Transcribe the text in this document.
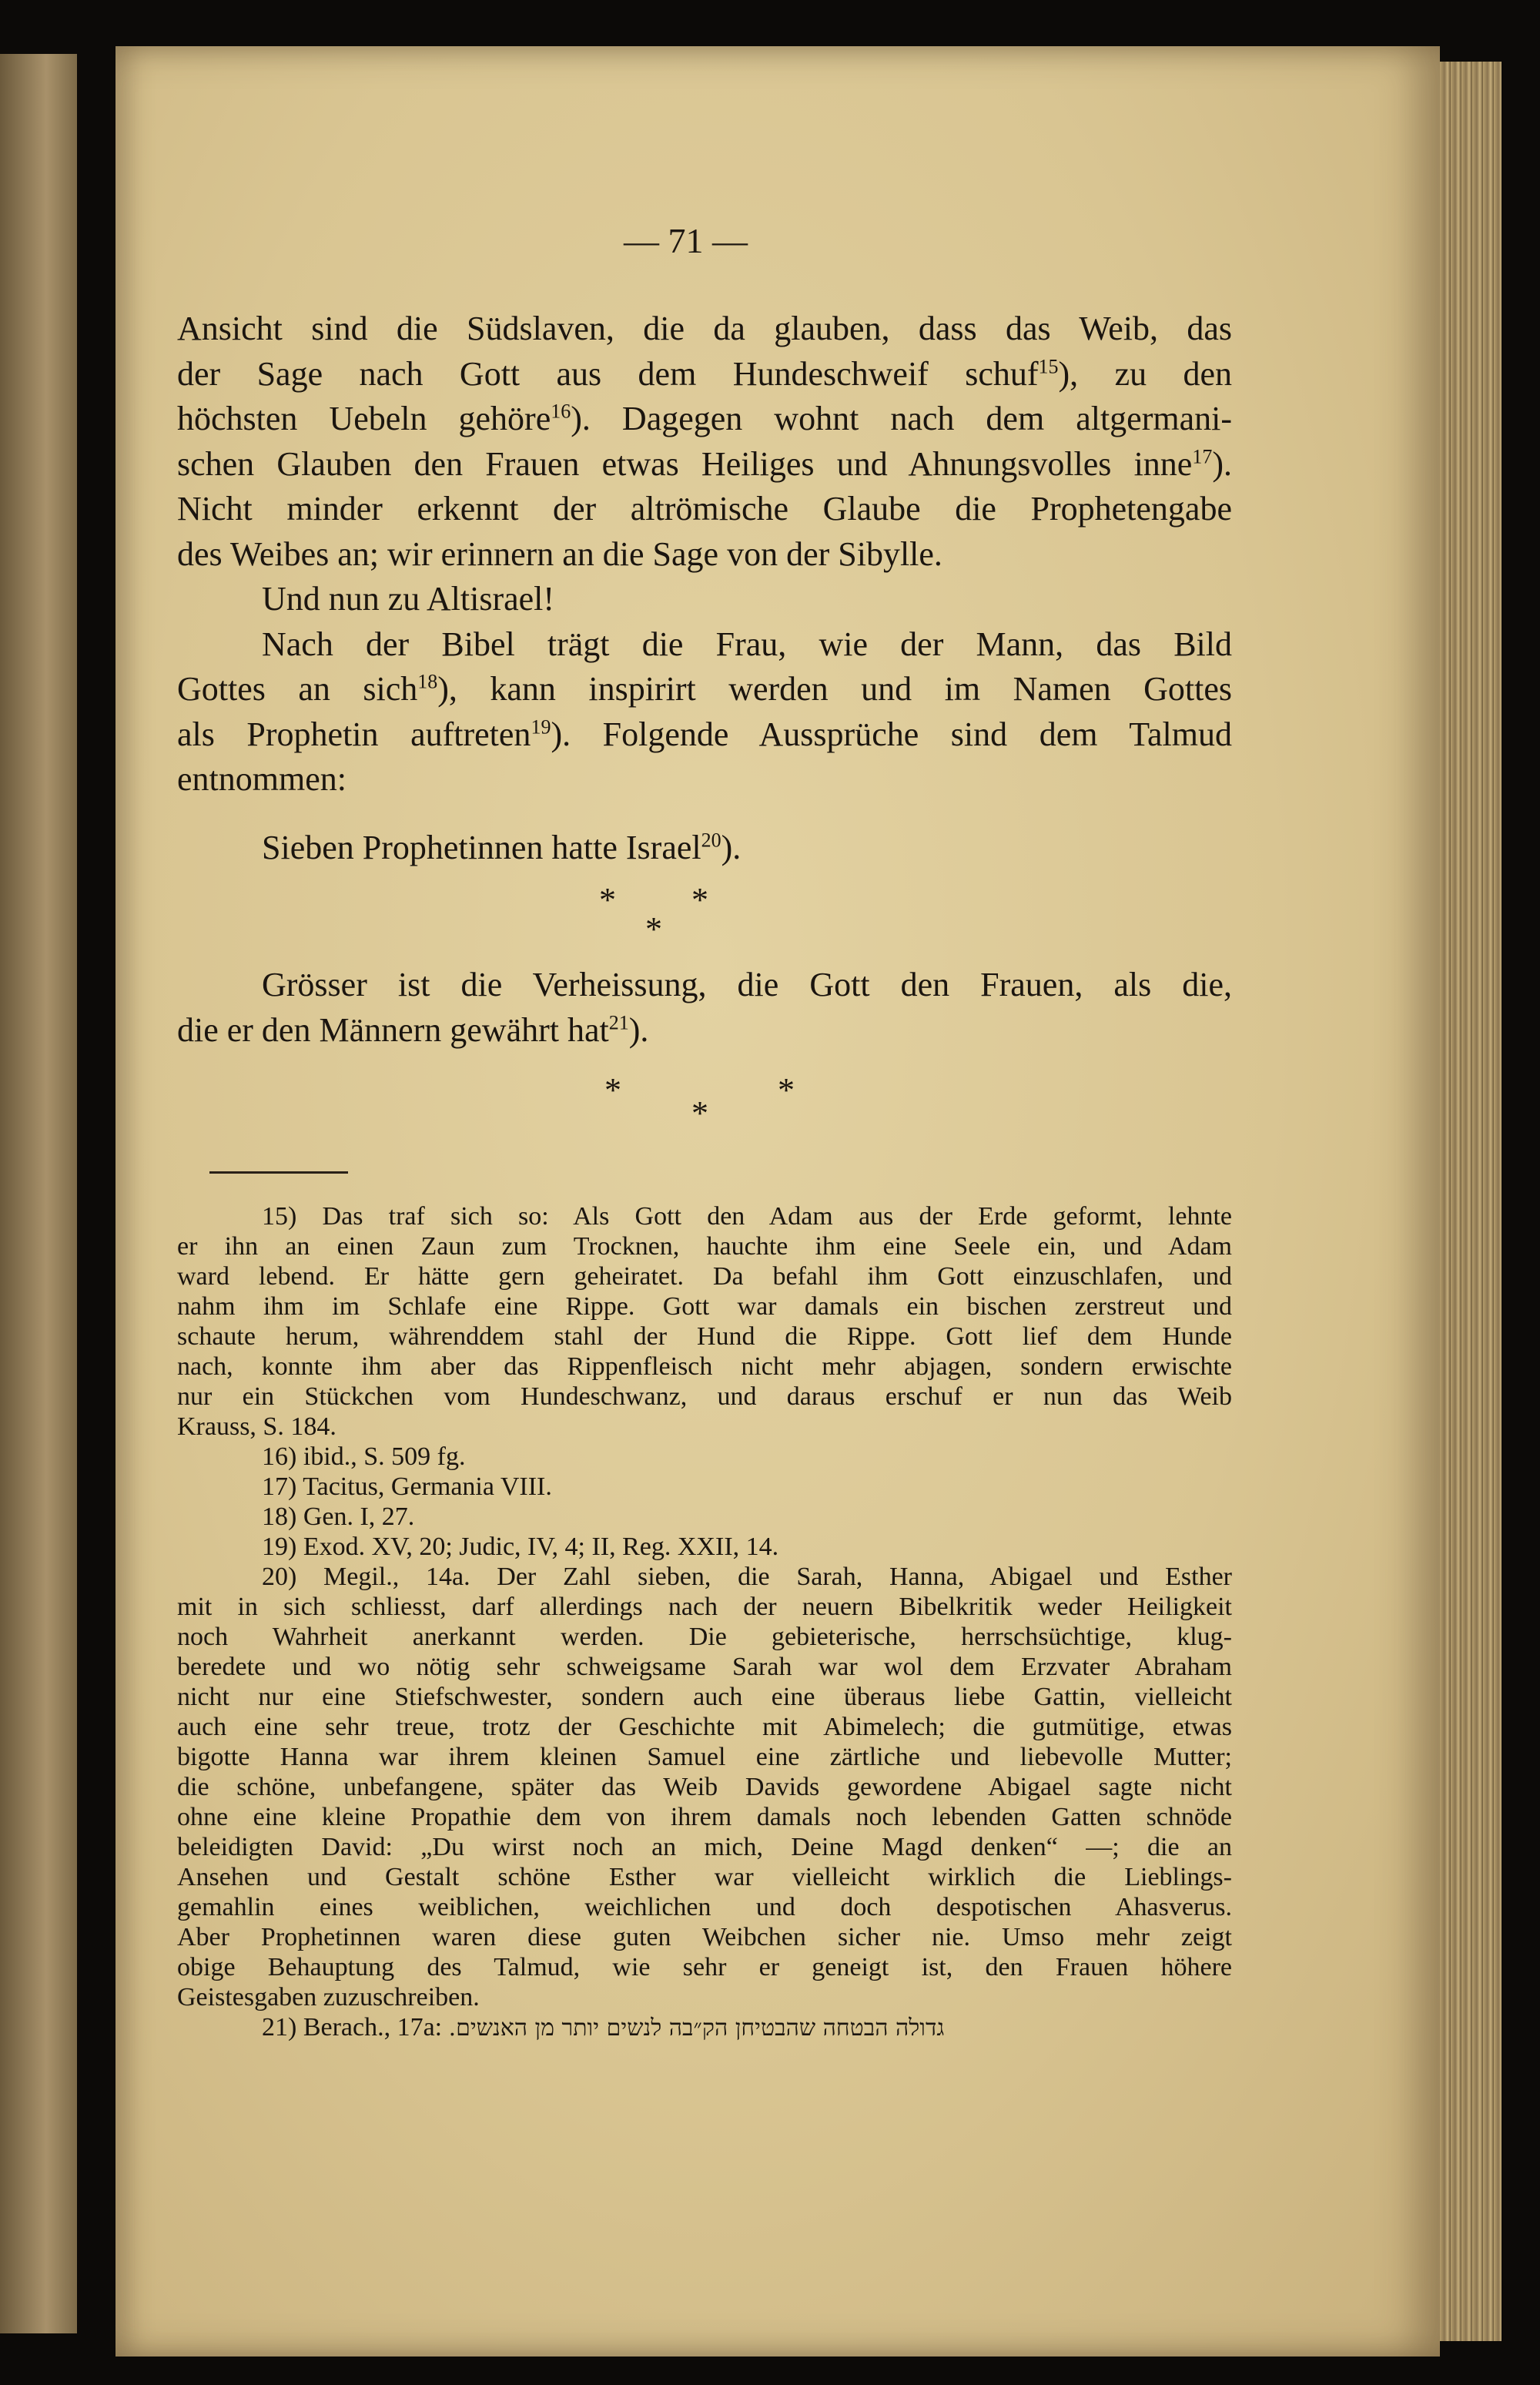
— 71 —
Ansicht sind die Südslaven, die da glauben, dass das Weib, das
der Sage nach Gott aus dem Hundeschweif schuf$^{15}$), zu den
höchsten Uebeln gehöre$^{16}$). Dagegen wohnt nach dem altgermani-
schen Glauben den Frauen etwas Heiliges und Ahnungsvolles inne$^{17}$).
Nicht minder erkennt der altrömische Glaube die Prophetengabe
des Weibes an; wir erinnern an die Sage von der Sibylle.
Und nun zu Altisrael!
Nach der Bibel trägt die Frau, wie der Mann, das Bild
Gottes an sich$^{18}$), kann inspirirt werden und im Namen Gottes
als Prophetin auftreten$^{19}$). Folgende Aussprüche sind dem Talmud
entnommen:
Sieben Prophetinnen hatte Israel$^{20}$).
* *
*
Grösser ist die Verheissung, die Gott den Frauen, als die,
die er den Männern gewährt hat$^{21}$).
*	*
*
15) Das traf sich so: Als Gott den Adam aus der Erde geformt, lehnte
er ihn an einen Zaun zum Trocknen, hauchte ihm eine Seele ein, und Adam
ward lebend. Er hätte gern geheiratet. Da befahl ihm Gott einzuschlafen, und
nahm ihm im Schlafe eine Rippe. Gott war damals ein bischen zerstreut und
schaute herum, währenddem stahl der Hund die Rippe. Gott lief dem Hunde
nach, konnte ihm aber das Rippenfleisch nicht mehr abjagen, sondern erwischte
nur ein Stückchen vom Hundeschwanz, und daraus erschuf er nun das Weib
Krauss, S. 184.
16) ibid., S. 509 fg.
17) Tacitus, Germania VIII.
18) Gen. I, 27.
19) Exod. XV, 20; Judic, IV, 4; II, Reg. XXII, 14.
20) Megil., 14a. Der Zahl sieben, die Sarah, Hanna, Abigael und Esther
mit in sich schliesst, darf allerdings nach der neuern Bibelkritik weder Heiligkeit
noch Wahrheit anerkannt werden. Die gebieterische, herrschsüchtige, klug-
beredete und wo nötig sehr schweigsame Sarah war wol dem Erzvater Abraham
nicht nur eine Stiefschwester, sondern auch eine überaus liebe Gattin, vielleicht
auch eine sehr treue, trotz der Geschichte mit Abimelech; die gutmütige, etwas
bigotte Hanna war ihrem kleinen Samuel eine zärtliche und liebevolle Mutter;
die schöne, unbefangene, später das Weib Davids gewordene Abigael sagte nicht
ohne eine kleine Propathie dem von ihrem damals noch lebenden Gatten schnöde
beleidigten David: „Du wirst noch an mich, Deine Magd denken“ —; die an
Ansehen und Gestalt schöne Esther war vielleicht wirklich die Lieblings-
gemahlin eines weiblichen, weichlichen und doch despotischen Ahasverus.
Aber Prophetinnen waren diese guten Weibchen sicher nie. Umso mehr zeigt
obige Behauptung des Talmud, wie sehr er geneigt ist, den Frauen höhere
Geistesgaben zuzuschreiben.
21) Berach., 17a: גדולה הבטחה שהבטיחן הק״בה לנשים יותר מן האנשים.
